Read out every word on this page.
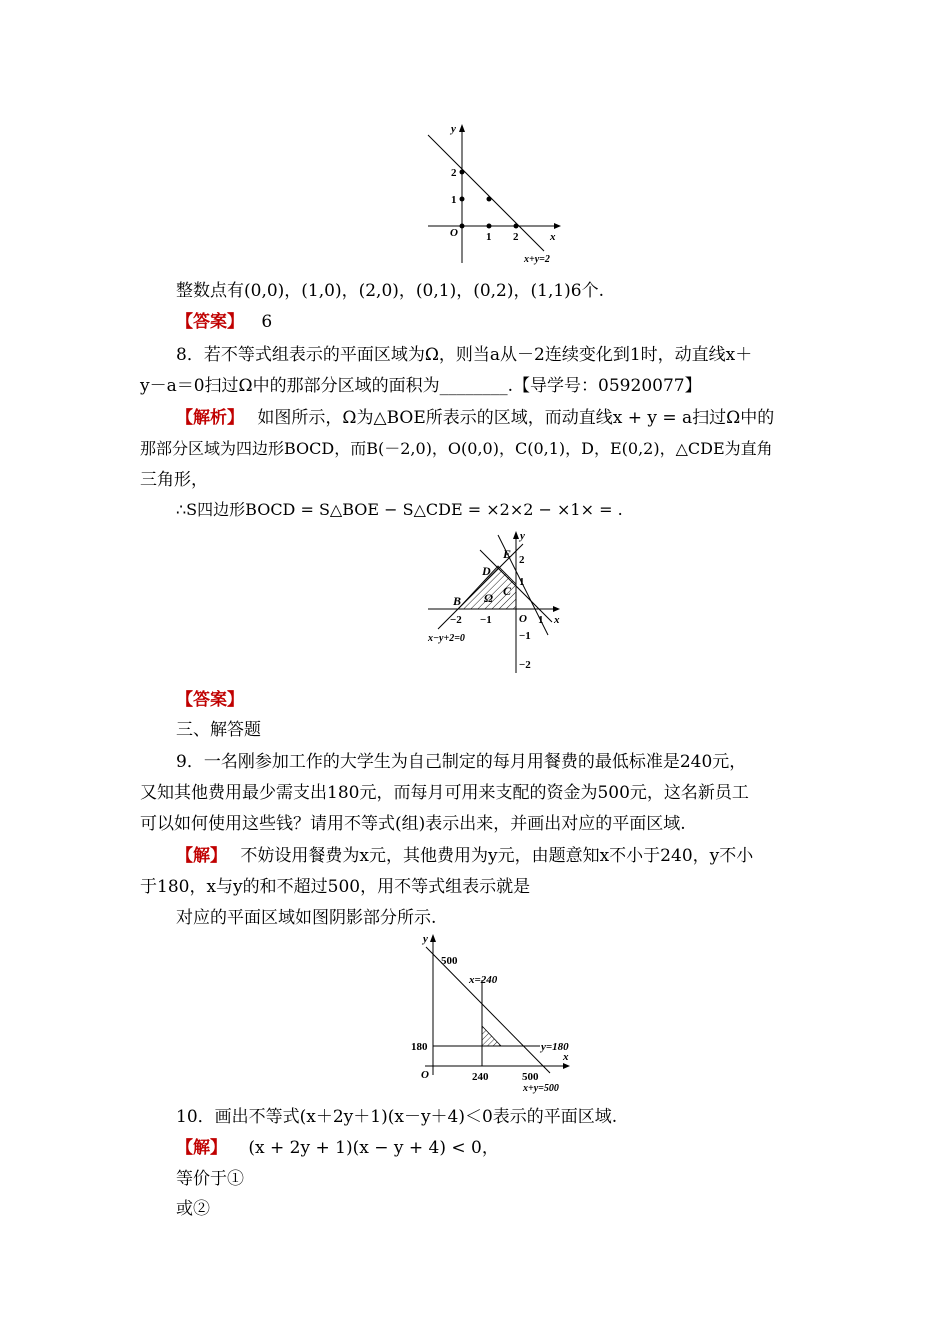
y
x
O
2
1
1 2
x+y=2
整数点有(0,0)，(1,0)，(2,0)，(0,1)，(0,2)，(1,1)6个.
【答案】 6
8．若不等式组表示的平面区域为Ω，则当a从－2连续变化到1时，动直线x＋
y－a＝0扫过Ω中的那部分区域的面积为________.【导学号：05920077】
【解析】 如图所示，Ω为△BOE所表示的区域，而动直线x + y = a扫过Ω中的
那部分区域为四边形BOCD，而B(－2,0)，O(0,0)，C(0,1)，D，E(0,2)，△CDE为直角
三角形，
∴S四边形BOCD = S△BOE − S△CDE = ×2×2 − ×1× = .
E
D
C
B Ω
y
x
O
2
1
−1
−2
−2 −1	1
x−y+2=0
【答案】
三、解答题
9．一名刚参加工作的大学生为自己制定的每月用餐费的最低标准是240元，
又知其他费用最少需支出180元，而每月可用来支配的资金为500元，这名新员工
可以如何使用这些钱？请用不等式(组)表示出来，并画出对应的平面区域.
【解】 不妨设用餐费为x元，其他费用为y元，由题意知x不小于240，y不小
于180，x与y的和不超过500，用不等式组表示就是
对应的平面区域如图阴影部分所示.
y
x
O
500
x=240
180	y=180
240	500
x+y=500
10．画出不等式(x＋2y＋1)(x－y＋4)＜0表示的平面区域.
【解】 (x + 2y + 1)(x − y + 4) < 0，
等价于①
或②
